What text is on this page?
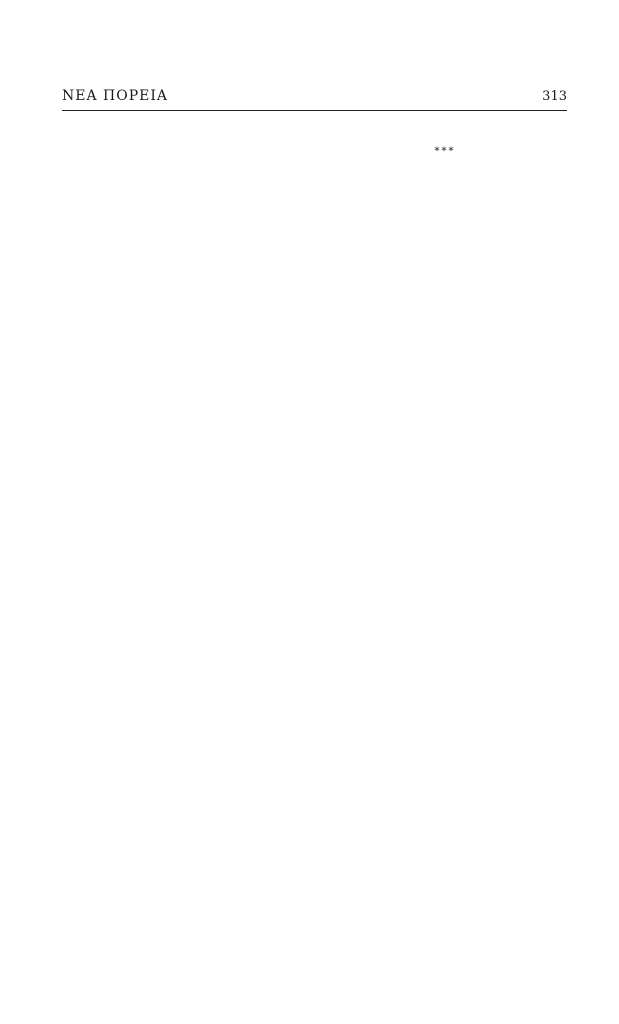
ΝΕΑ ΠΟΡΕΙΑ	313

***
